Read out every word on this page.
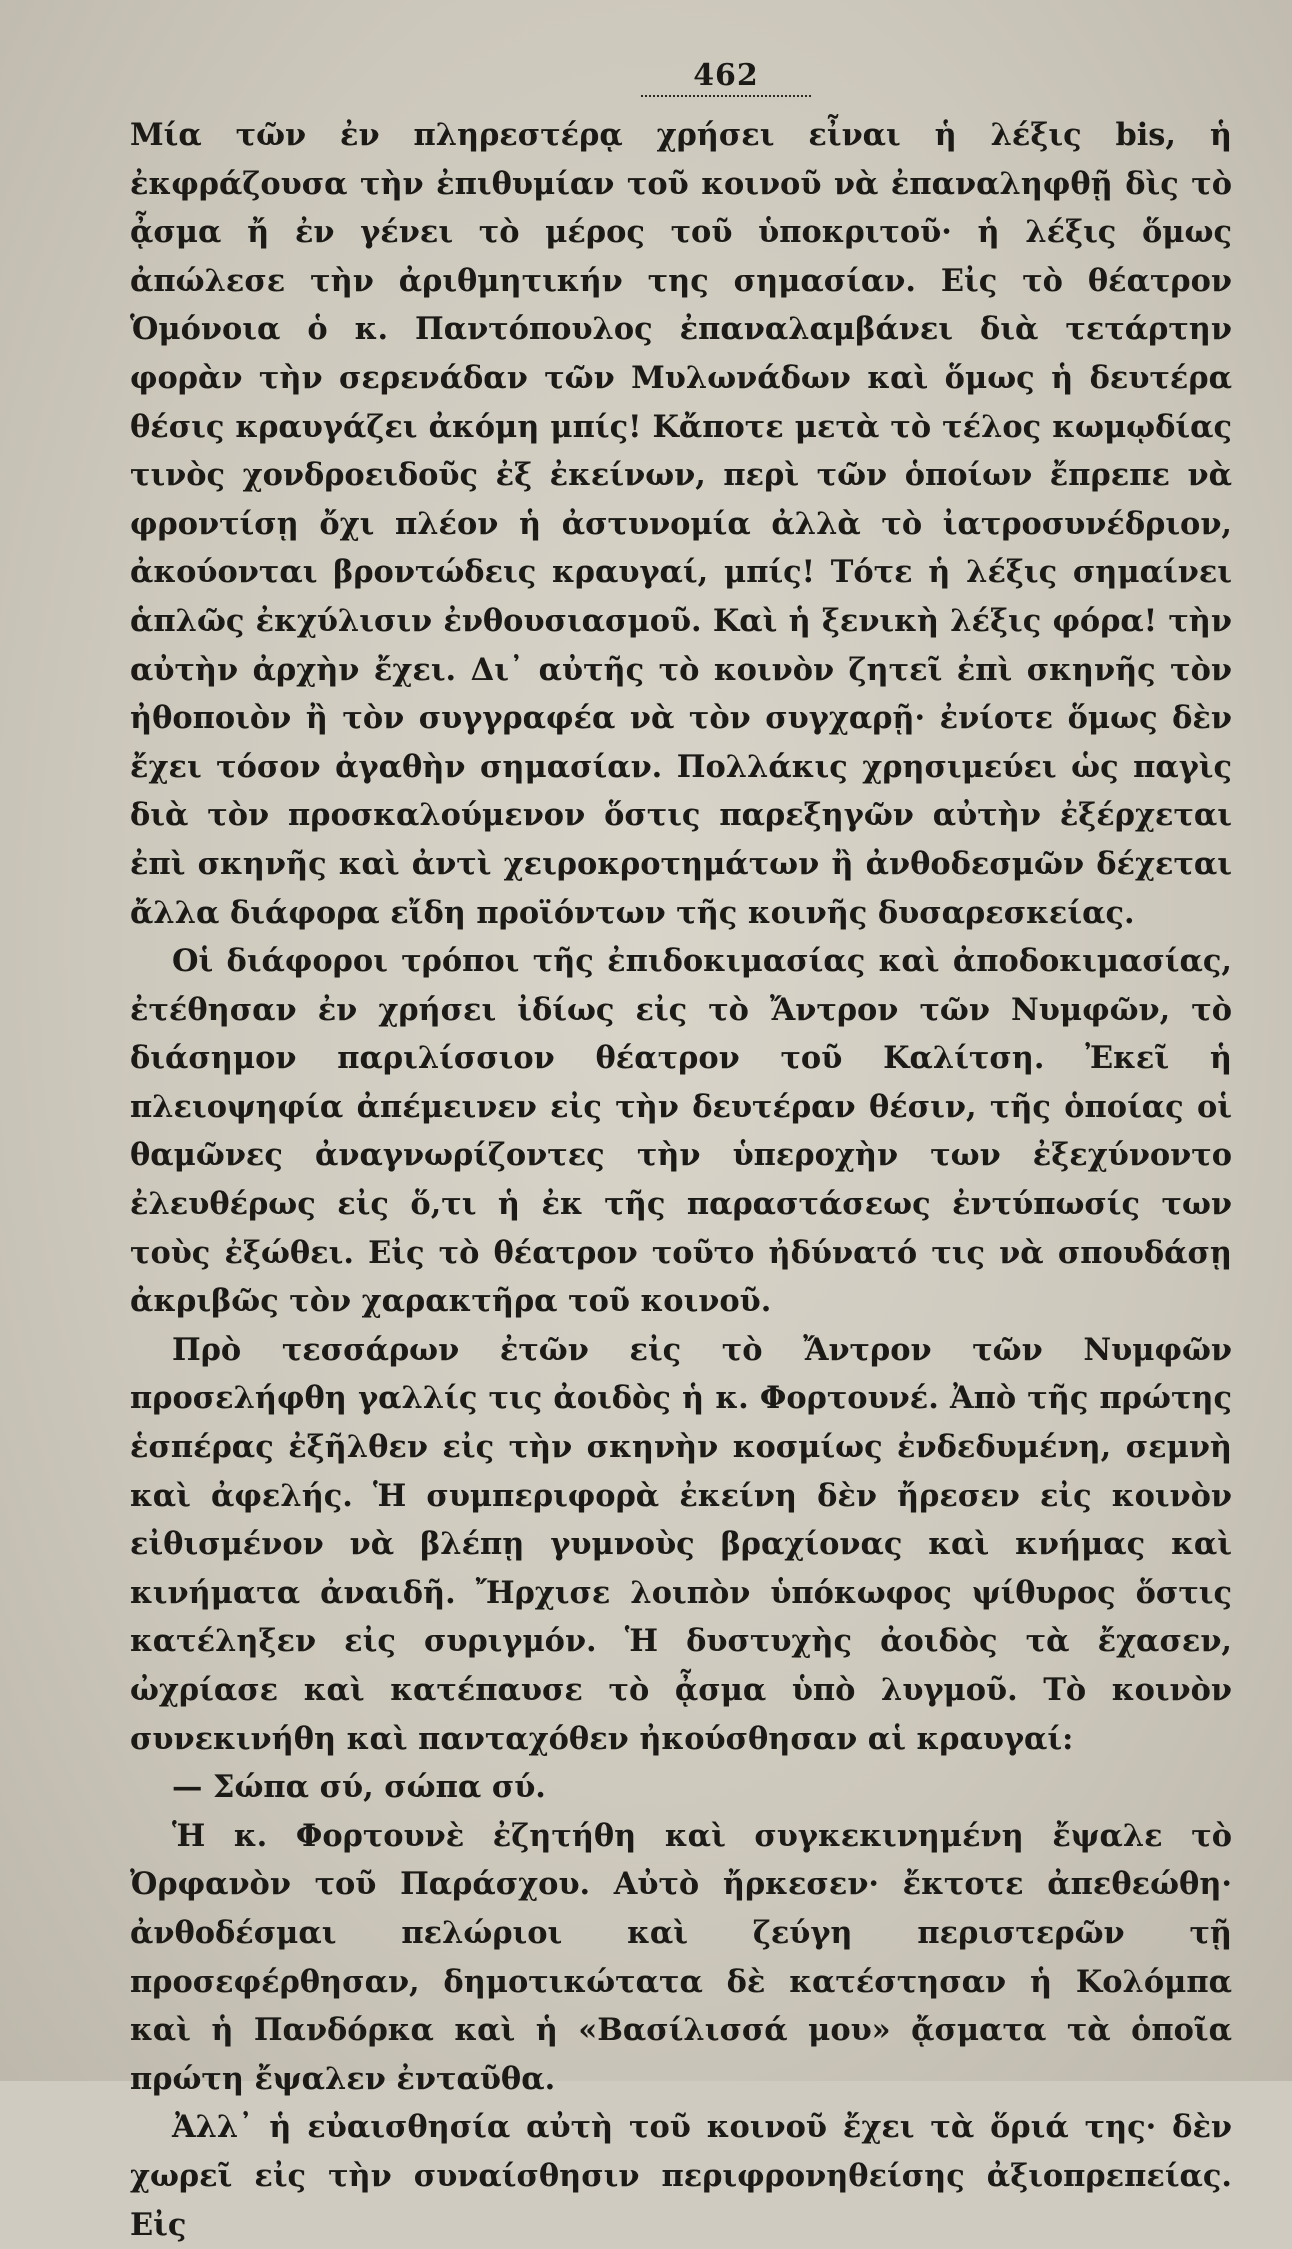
462

Μία τῶν ἐν πληρεστέρᾳ χρήσει εἶναι ἡ λέξις bis, ἡ ἐκφράζουσα τὴν ἐπιθυμίαν τοῦ κοινοῦ νὰ ἐπαναληφθῇ δὶς τὸ ᾆσμα ἤ ἐν γένει τὸ μέρος τοῦ ὑποκριτοῦ· ἡ λέξις ὅμως ἀπώλεσε τὴν ἀριθμητικήν της σημασίαν. Εἰς τὸ θέατρον Ὁμόνοια ὁ κ. Παντόπουλος ἐπαναλαμβάνει διὰ τετάρτην φορὰν τὴν σερενάδαν τῶν Μυλωνάδων καὶ ὅμως ἡ δευτέρα θέσις κραυγάζει ἀκόμη μπίς! Κἄποτε μετὰ τὸ τέλος κωμῳδίας τινὸς χονδροειδοῦς ἐξ ἐκείνων, περὶ τῶν ὁποίων ἔπρεπε νὰ φροντίσῃ ὄχι πλέον ἡ ἀστυνομία ἀλλὰ τὸ ἰατροσυνέδριον, ἀκούονται βροντώδεις κραυγαί, μπίς! Τότε ἡ λέξις σημαίνει ἁπλῶς ἐκχύλισιν ἐνθουσιασμοῦ. Καὶ ἡ ξενικὴ λέξις φόρα! τὴν αὐτὴν ἀρχὴν ἔχει. Δι᾿ αὐτῆς τὸ κοινὸν ζητεῖ ἐπὶ σκηνῆς τὸν ἠθοποιὸν ἢ τὸν συγγραφέα νὰ τὸν συγχαρῇ· ἐνίοτε ὅμως δὲν ἔχει τόσον ἀγαθὴν σημασίαν. Πολλάκις χρησιμεύει ὡς παγὶς διὰ τὸν προσκαλούμενον ὅστις παρεξηγῶν αὐτὴν ἐξέρχεται ἐπὶ σκηνῆς καὶ ἀντὶ χειροκροτημάτων ἢ ἀνθοδεσμῶν δέχεται ἄλλα διάφορα εἴδη προϊόντων τῆς κοινῆς δυσαρεσκείας.

Οἱ διάφοροι τρόποι τῆς ἐπιδοκιμασίας καὶ ἀποδοκιμασίας, ἐτέθησαν ἐν χρήσει ἰδίως εἰς τὸ Ἄντρον τῶν Νυμφῶν, τὸ διάσημον παριλίσσιον θέατρον τοῦ Καλίτση. Ἐκεῖ ἡ πλειοψηφία ἀπέμεινεν εἰς τὴν δευτέραν θέσιν, τῆς ὁποίας οἱ θαμῶνες ἀναγνωρίζοντες τὴν ὑπεροχὴν των ἐξεχύνοντο ἐλευθέρως εἰς ὅ,τι ἡ ἐκ τῆς παραστάσεως ἐντύπωσίς των τοὺς ἐξώθει. Εἰς τὸ θέατρον τοῦτο ἠδύνατό τις νὰ σπουδάσῃ ἀκριβῶς τὸν χαρακτῆρα τοῦ κοινοῦ.

Πρὸ τεσσάρων ἐτῶν εἰς τὸ Ἄντρον τῶν Νυμφῶν προσελήφθη γαλλίς τις ἀοιδὸς ἡ κ. Φορτουνέ. Ἀπὸ τῆς πρώτης ἑσπέρας ἐξῆλθεν εἰς τὴν σκηνὴν κοσμίως ἐνδεδυμένη, σεμνὴ καὶ ἀφελής. Ἡ συμπεριφορὰ ἐκείνη δὲν ἤρεσεν εἰς κοινὸν εἰθισμένον νὰ βλέπῃ γυμνοὺς βραχίονας καὶ κνήμας καὶ κινήματα ἀναιδῆ. Ἤρχισε λοιπὸν ὑπόκωφος ψίθυρος ὅστις κατέληξεν εἰς συριγμόν. Ἡ δυστυχὴς ἀοιδὸς τὰ ἔχασεν, ὠχρίασε καὶ κατέπαυσε τὸ ᾆσμα ὑπὸ λυγμοῦ. Τὸ κοινὸν συνεκινήθη καὶ πανταχόθεν ἠκούσθησαν αἱ κραυγαί:

— Σώπα σύ, σώπα σύ.

Ἡ κ. Φορτουνὲ ἐζητήθη καὶ συγκεκινημένη ἔψαλε τὸ Ὀρφανὸν τοῦ Παράσχου. Αὐτὸ ἤρκεσεν· ἔκτοτε ἀπεθεώθη· ἀνθοδέσμαι πελώριοι καὶ ζεύγη περιστερῶν τῇ προσεφέρθησαν, δημοτικώτατα δὲ κατέστησαν ἡ Κολόμπα καὶ ἡ Πανδόρκα καὶ ἡ «Βασίλισσά μου» ᾄσματα τὰ ὁποῖα πρώτη ἔψαλεν ἐνταῦθα.

Ἀλλ᾿ ἡ εὐαισθησία αὐτὴ τοῦ κοινοῦ ἔχει τὰ ὅριά της· δὲν χωρεῖ εἰς τὴν συναίσθησιν περιφρονηθείσης ἀξιοπρεπείας. Εἰς
